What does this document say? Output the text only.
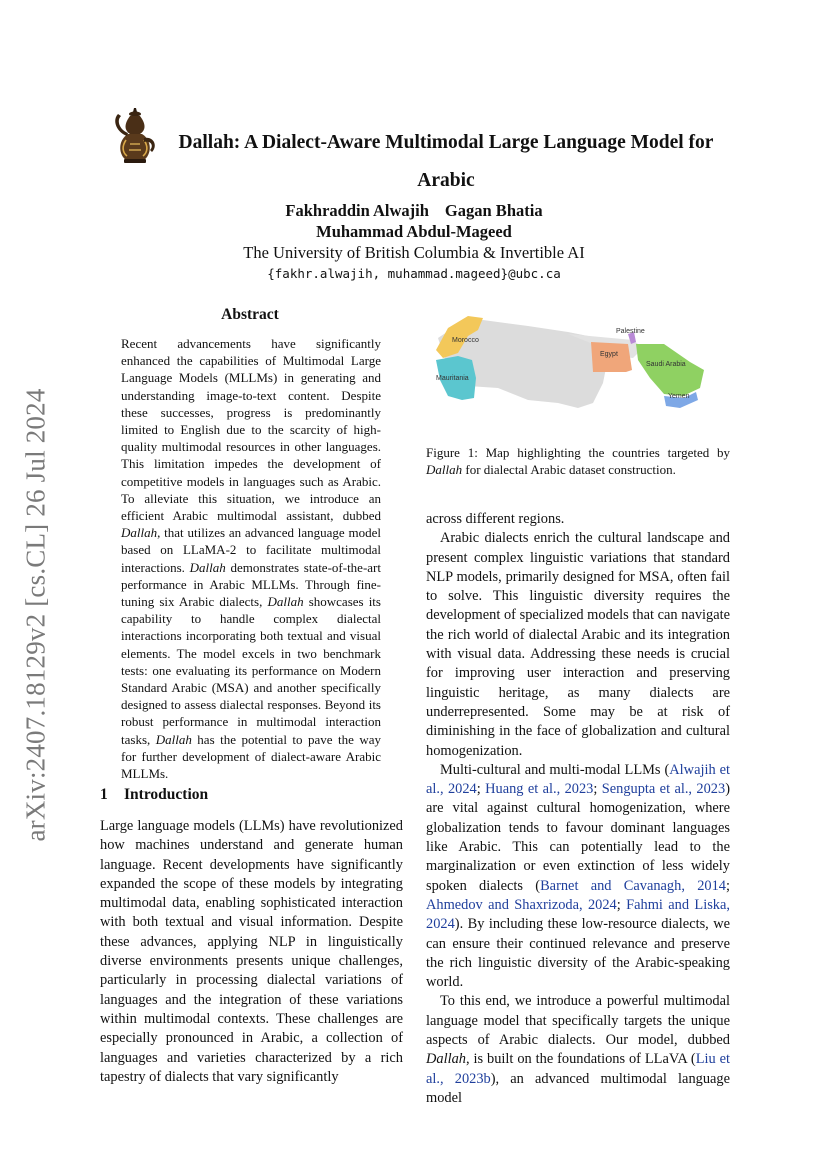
arXiv:2407.18129v2 [cs.CL] 26 Jul 2024
Dallah: A Dialect-Aware Multimodal Large Language Model for
Arabic
Fakhraddin Alwajih Gagan Bhatia
Muhammad Abdul-Mageed
The University of British Columbia & Invertible AI
{fakhr.alwajih, muhammad.mageed}@ubc.ca
Abstract

Recent advancements have significantly enhanced the capabilities of Multimodal Large Language Models (MLLMs) in generating and understanding image-to-text content. Despite these successes, progress is predominantly limited to English due to the scarcity of high-quality multimodal resources in other languages. This limitation impedes the development of competitive models in languages such as Arabic. To alleviate this situation, we introduce an efficient Arabic multimodal assistant, dubbed Dallah, that utilizes an advanced language model based on LLaMA-2 to facilitate multimodal interactions. Dallah demonstrates state-of-the-art performance in Arabic MLLMs. Through fine-tuning six Arabic dialects, Dallah showcases its capability to handle complex dialectal interactions incorporating both textual and visual elements. The model excels in two benchmark tests: one evaluating its performance on Modern Standard Arabic (MSA) and another specifically designed to assess dialectal responses. Beyond its robust performance in multimodal interaction tasks, Dallah has the potential to pave the way for further development of dialect-aware Arabic MLLMs.

1 Introduction

Large language models (LLMs) have revolutionized how machines understand and generate human language. Recent developments have significantly expanded the scope of these models by integrating multimodal data, enabling sophisticated interaction with both textual and visual information. Despite these advances, applying NLP in linguistically diverse environments presents unique challenges, particularly in processing dialectal variations of languages and the integration of these variations within multimodal contexts. These challenges are especially pronounced in Arabic, a collection of languages and varieties characterized by a rich tapestry of dialects that vary significantly

Morocco
Mauritania
Palestine
Egypt
Saudi Arabia
Yemen

Figure 1: Map highlighting the countries targeted by Dallah for dialectal Arabic dataset construction.

across different regions.

Arabic dialects enrich the cultural landscape and present complex linguistic variations that standard NLP models, primarily designed for MSA, often fail to solve. This linguistic diversity requires the development of specialized models that can navigate the rich world of dialectal Arabic and its integration with visual data. Addressing these needs is crucial for improving user interaction and preserving linguistic heritage, as many dialects are underrepresented. Some may be at risk of diminishing in the face of globalization and cultural homogenization.

Multi-cultural and multi-modal LLMs (Alwajih et al., 2024; Huang et al., 2023; Sengupta et al., 2023) are vital against cultural homogenization, where globalization tends to favour dominant languages like Arabic. This can potentially lead to the marginalization or even extinction of less widely spoken dialects (Barnet and Cavanagh, 2014; Ahmedov and Shaxrizoda, 2024; Fahmi and Liska, 2024). By including these low-resource dialects, we can ensure their continued relevance and preserve the rich linguistic diversity of the Arabic-speaking world.

To this end, we introduce a powerful multimodal language model that specifically targets the unique aspects of Arabic dialects. Our model, dubbed Dallah, is built on the foundations of LLaVA (Liu et al., 2023b), an advanced multimodal language model
